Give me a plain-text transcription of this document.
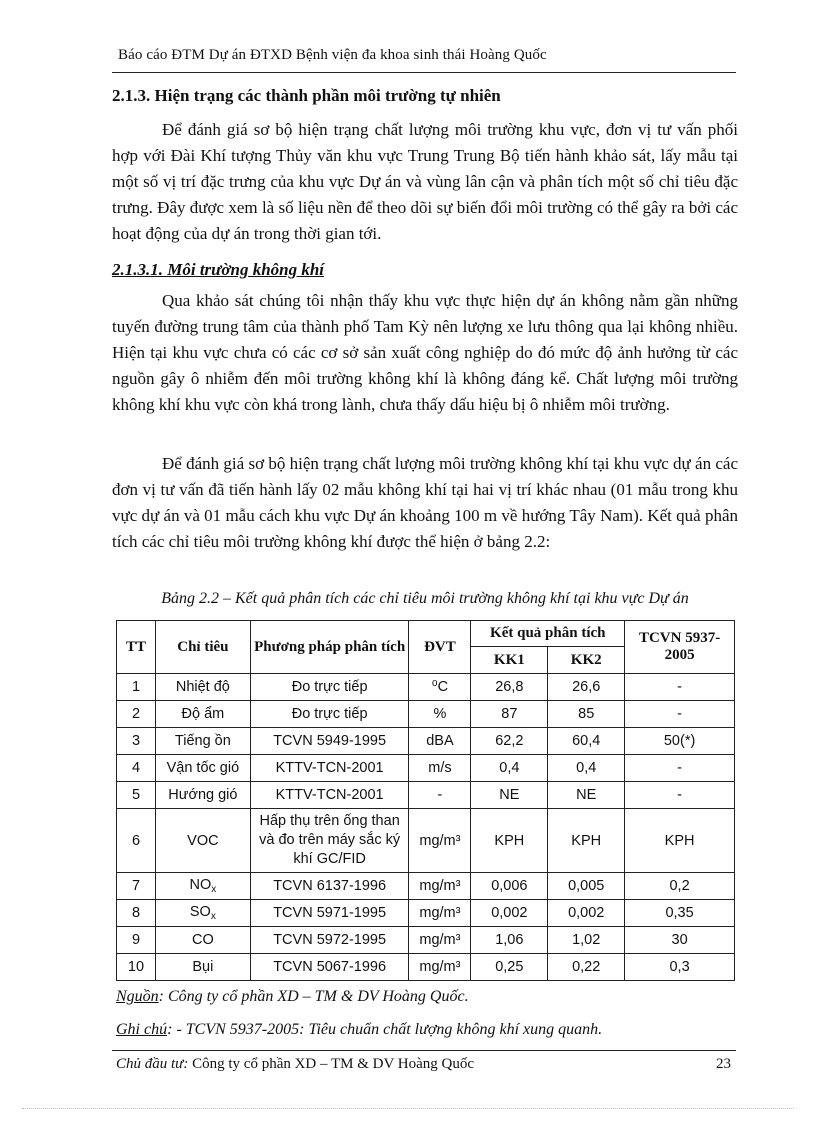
Báo cáo ĐTM Dự án ĐTXD Bệnh viện đa khoa sinh thái Hoàng Quốc
2.1.3. Hiện trạng các thành phần môi trường tự nhiên

Để đánh giá sơ bộ hiện trạng chất lượng môi trường khu vực, đơn vị tư vấn phối hợp với Đài Khí tượng Thủy văn khu vực Trung Trung Bộ tiến hành khảo sát, lấy mẫu tại một số vị trí đặc trưng của khu vực Dự án và vùng lân cận và phân tích một số chỉ tiêu đặc trưng. Đây được xem là số liệu nền để theo dõi sự biến đổi môi trường có thể gây ra bởi các hoạt động của dự án trong thời gian tới.

2.1.3.1. Môi trường không khí

Qua khảo sát chúng tôi nhận thấy khu vực thực hiện dự án không nằm gần những tuyến đường trung tâm của thành phố Tam Kỳ nên lượng xe lưu thông qua lại không nhiều. Hiện tại khu vực chưa có các cơ sở sản xuất công nghiệp do đó mức độ ảnh hưởng từ các nguồn gây ô nhiễm đến môi trường không khí là không đáng kể. Chất lượng môi trường không khí khu vực còn khá trong lành, chưa thấy dấu hiệu bị ô nhiễm môi trường.

Để đánh giá sơ bộ hiện trạng chất lượng môi trường không khí tại khu vực dự án các đơn vị tư vấn đã tiến hành lấy 02 mẫu không khí tại hai vị trí khác nhau (01 mẫu trong khu vực dự án và 01 mẫu cách khu vực Dự án khoảng 100 m về hướng Tây Nam). Kết quả phân tích các chỉ tiêu môi trường không khí được thể hiện ở bảng 2.2:

Bảng 2.2 – Kết quả phân tích các chỉ tiêu môi trường không khí tại khu vực Dự án
TT	Chỉ tiêu	Phương pháp phân tích	ĐVT	Kết quả phân tích		TCVN 5937-2005
				KK1	KK2	
1	Nhiệt độ	Đo trực tiếp	⁰C	26,8	26,6	-
2	Độ ẩm	Đo trực tiếp	%	87	85	-
3	Tiếng ồn	TCVN 5949-1995	dBA	62,2	60,4	50(*)
4	Vận tốc gió	KTTV-TCN-2001	m/s	0,4	0,4	-
5	Hướng gió	KTTV-TCN-2001	-	NE	NE	-
6	VOC	Hấp thụ trên ống than và đo trên máy sắc ký khí GC/FID	mg/m³	KPH	KPH	KPH
7	$NO_x$	TCVN 6137-1996	mg/m³	0,006	0,005	0,2
8	$SO_x$	TCVN 5971-1995	mg/m³	0,002	0,002	0,35
9	CO	TCVN 5972-1995	mg/m³	1,06	1,02	30
10	Bụi	TCVN 5067-1996	mg/m³	0,25	0,22	0,3
Nguồn: Công ty cổ phần XD – TM & DV Hoàng Quốc.
Ghi chú: - TCVN 5937-2005: Tiêu chuẩn chất lượng không khí xung quanh.
Chủ đầu tư: Công ty cổ phần XD – TM & DV Hoàng Quốc	23
